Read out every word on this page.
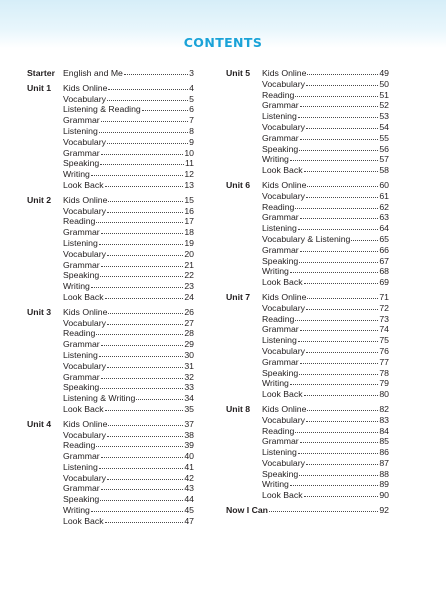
CONTENTS
Starter English and Me	3
Unit 1	Kids Online	4
Vocabulary	5
Listening & Reading	6
Grammar	7
Listening	8
Vocabulary	9
Grammar	10
Speaking	11
Writing	12
Look Back	13
Unit 2	Kids Online	15
Vocabulary	16
Reading	17
Grammar	18
Listening	19
Vocabulary	20
Grammar	21
Speaking	22
Writing	23
Look Back	24
Unit 3	Kids Online	26
Vocabulary	27
Reading	28
Grammar	29
Listening	30
Vocabulary	31
Grammar	32
Speaking	33
Listening & Writing	34
Look Back	35
Unit 4	Kids Online	37
Vocabulary	38
Reading	39
Grammar	40
Listening	41
Vocabulary	42
Grammar	43
Speaking	44
Writing	45
Look Back	47
Unit 5	Kids Online	49
Vocabulary	50
Reading	51
Grammar	52
Listening	53
Vocabulary	54
Grammar	55
Speaking	56
Writing	57
Look Back	58
Unit 6	Kids Online	60
Vocabulary	61
Reading	62
Grammar	63
Listening	64
Vocabulary & Listening	65
Grammar	66
Speaking	67
Writing	68
Look Back	69
Unit 7	Kids Online	71
Vocabulary	72
Reading	73
Grammar	74
Listening	75
Vocabulary	76
Grammar	77
Speaking	78
Writing	79
Look Back	80
Unit 8	Kids Online	82
Vocabulary	83
Reading	84
Grammar	85
Listening	86
Vocabulary	87
Speaking	88
Writing	89
Look Back	90
Now I Can	92
